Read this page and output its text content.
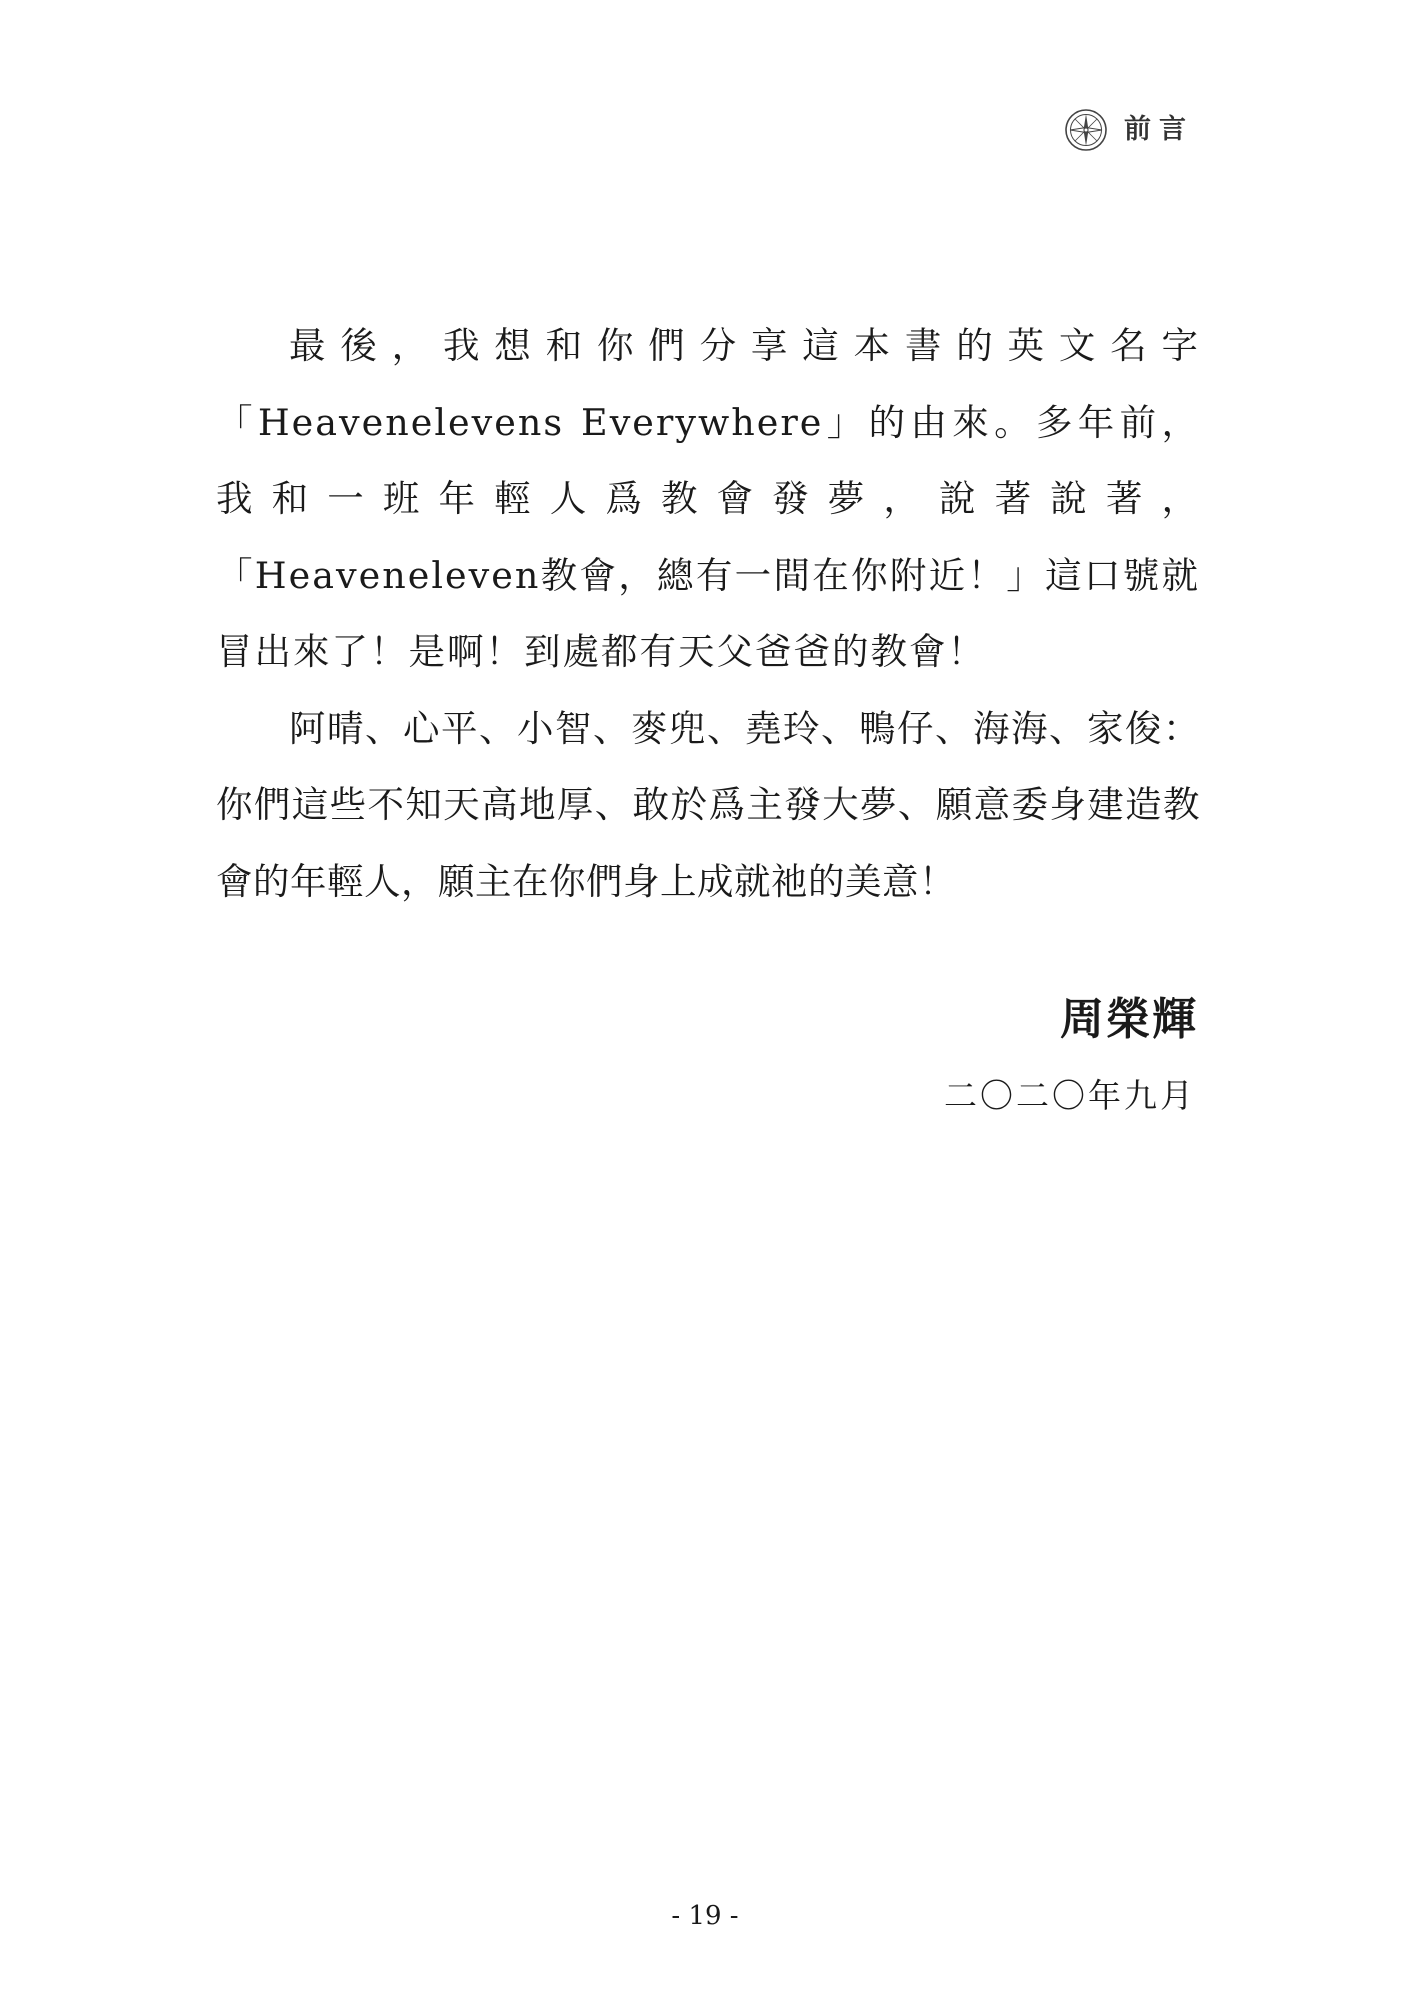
前言

最後，我想和你們分享這本書的英文名字「Heavenelevens Everywhere」的由來。多年前，我和一班年輕人爲教會發夢，說著說著，「Heaveneleven教會，總有一間在你附近！」這口號就冒出來了！是啊！到處都有天父爸爸的教會！

阿晴、心平、小智、麥兜、堯玲、鴨仔、海海、家俊：你們這些不知天高地厚、敢於爲主發大夢、願意委身建造教會的年輕人，願主在你們身上成就祂的美意！

周榮輝
二〇二〇年九月
- 19 -
